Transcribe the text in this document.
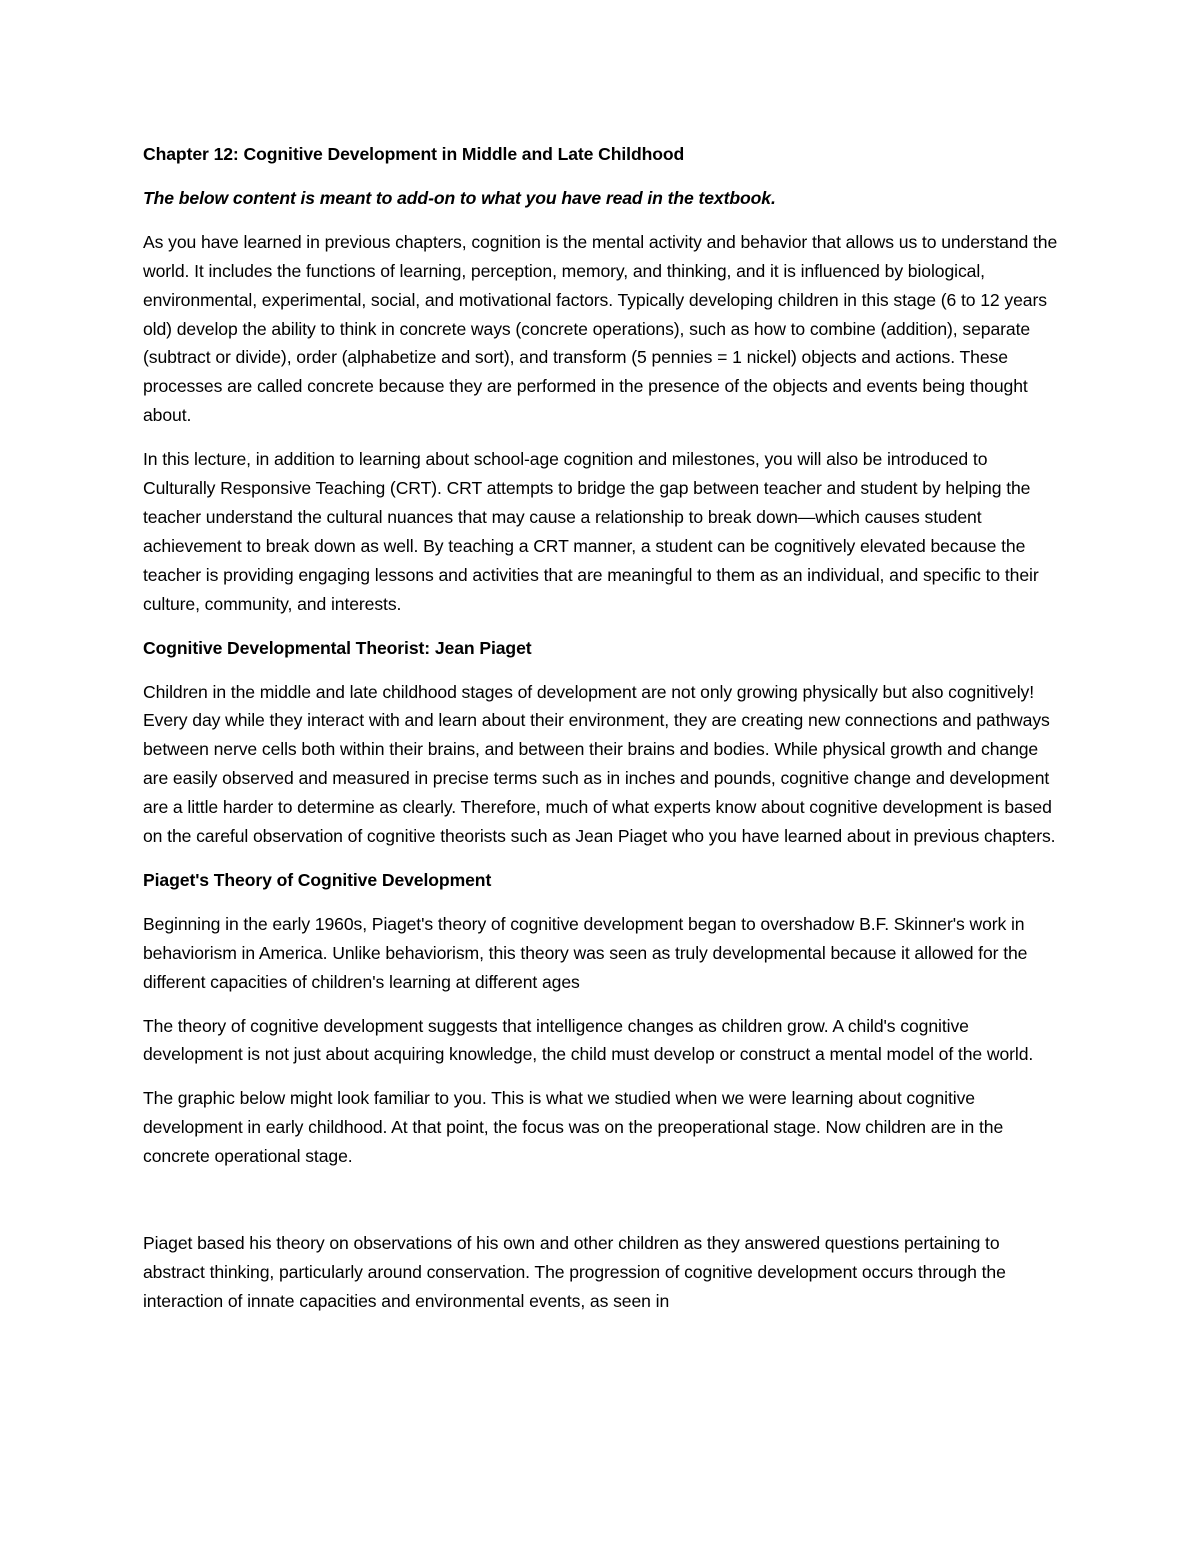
Chapter 12: Cognitive Development in Middle and Late Childhood

The below content is meant to add-on to what you have read in the textbook.

As you have learned in previous chapters, cognition is the mental activity and behavior that allows us to understand the world. It includes the functions of learning, perception, memory, and thinking, and it is influenced by biological, environmental, experimental, social, and motivational factors. Typically developing children in this stage (6 to 12 years old) develop the ability to think in concrete ways (concrete operations), such as how to combine (addition), separate (subtract or divide), order (alphabetize and sort), and transform (5 pennies = 1 nickel) objects and actions. These processes are called concrete because they are performed in the presence of the objects and events being thought about.

In this lecture, in addition to learning about school-age cognition and milestones, you will also be introduced to Culturally Responsive Teaching (CRT). CRT attempts to bridge the gap between teacher and student by helping the teacher understand the cultural nuances that may cause a relationship to break down—which causes student achievement to break down as well. By teaching a CRT manner, a student can be cognitively elevated because the teacher is providing engaging lessons and activities that are meaningful to them as an individual, and specific to their culture, community, and interests.

Cognitive Developmental Theorist: Jean Piaget

Children in the middle and late childhood stages of development are not only growing physically but also cognitively! Every day while they interact with and learn about their environment, they are creating new connections and pathways between nerve cells both within their brains, and between their brains and bodies. While physical growth and change are easily observed and measured in precise terms such as in inches and pounds, cognitive change and development are a little harder to determine as clearly. Therefore, much of what experts know about cognitive development is based on the careful observation of cognitive theorists such as Jean Piaget who you have learned about in previous chapters.

Piaget's Theory of Cognitive Development

Beginning in the early 1960s, Piaget's theory of cognitive development began to overshadow B.F. Skinner's work in behaviorism in America. Unlike behaviorism, this theory was seen as truly developmental because it allowed for the different capacities of children's learning at different ages

The theory of cognitive development suggests that intelligence changes as children grow. A child's cognitive development is not just about acquiring knowledge, the child must develop or construct a mental model of the world.

The graphic below might look familiar to you. This is what we studied when we were learning about cognitive development in early childhood. At that point, the focus was on the preoperational stage. Now children are in the concrete operational stage.

Piaget based his theory on observations of his own and other children as they answered questions pertaining to abstract thinking, particularly around conservation. The progression of cognitive development occurs through the interaction of innate capacities and environmental events, as seen in
